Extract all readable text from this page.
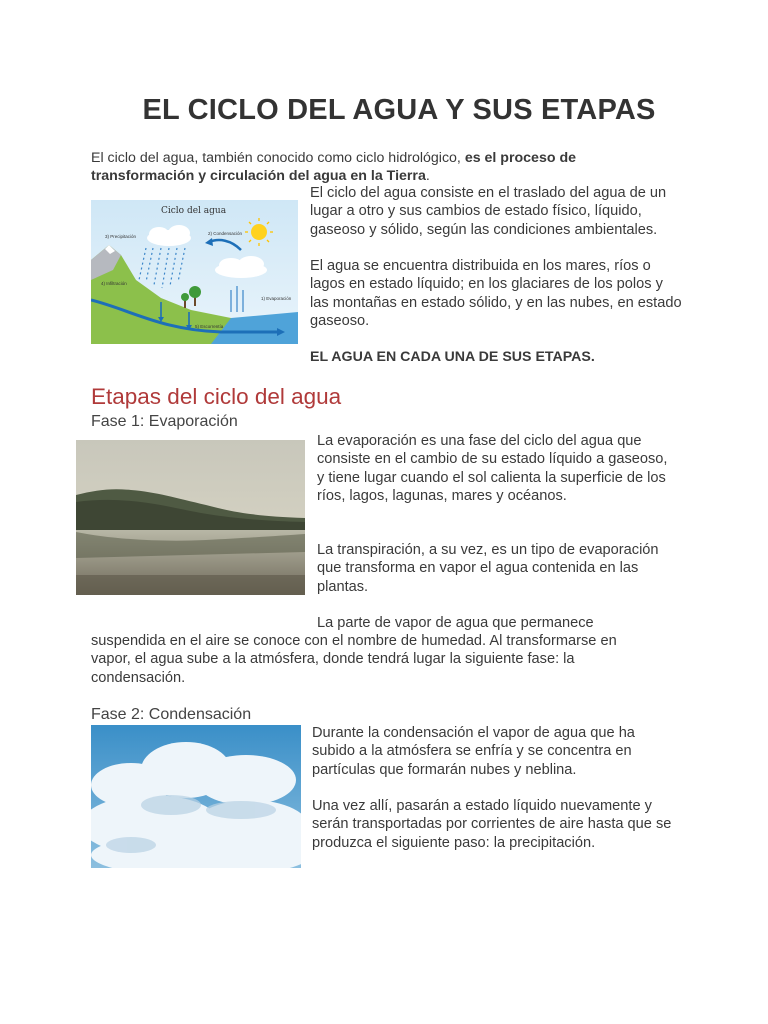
EL CICLO DEL AGUA Y SUS ETAPAS
El ciclo del agua, también conocido como ciclo hidrológico, es el proceso de transformación y circulación del agua en la Tierra.
Ciclo del agua
3) Precipitación
2) Condensación
4) Infiltración
1) Evaporación
5) Escorrentía
El ciclo del agua consiste en el traslado del agua de un lugar a otro y sus cambios de estado físico, líquido, gaseoso y sólido, según las condiciones ambientales.
El agua se encuentra distribuida en los mares, ríos o lagos en estado líquido; en los glaciares de los polos y las montañas en estado sólido, y en las nubes, en estado gaseoso.
EL AGUA EN CADA UNA DE SUS ETAPAS.
Etapas del ciclo del agua
Fase 1: Evaporación
La evaporación es una fase del ciclo del agua que consiste en el cambio de su estado líquido a gaseoso, y tiene lugar cuando el sol calienta la superficie de los ríos, lagos, lagunas, mares y océanos.
La transpiración, a su vez, es un tipo de evaporación que transforma en vapor el agua contenida en las plantas.
La parte de vapor de agua que permanece
suspendida en el aire se conoce con el nombre de humedad. Al transformarse en vapor, el agua sube a la atmósfera, donde tendrá lugar la siguiente fase: la condensación.
Fase 2: Condensación
Durante la condensación el vapor de agua que ha subido a la atmósfera se enfría y se concentra en partículas que formarán nubes y neblina.
Una vez allí, pasarán a estado líquido nuevamente y serán transportadas por corrientes de aire hasta que se produzca el siguiente paso: la precipitación.
